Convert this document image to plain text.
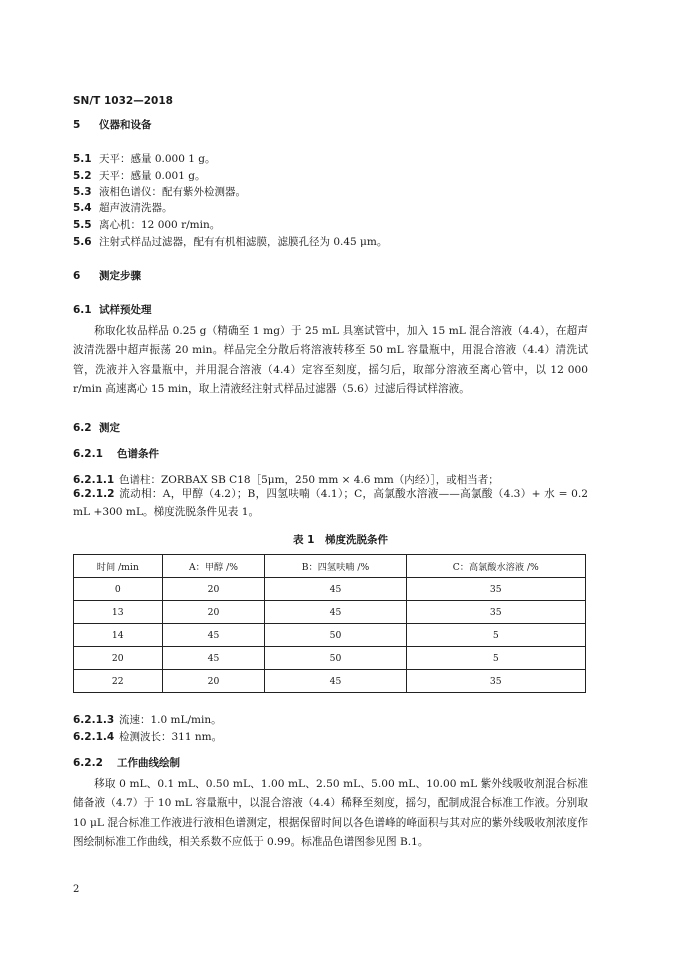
SN/T 1032—2018
5 仪器和设备
5.1 天平：感量 0.000 1 g。
5.2 天平：感量 0.001 g。
5.3 液相色谱仪：配有紫外检测器。
5.4 超声波清洗器。
5.5 离心机：12 000 r/min。
5.6 注射式样品过滤器，配有有机相滤膜，滤膜孔径为 0.45 μm。
6 测定步骤
6.1 试样预处理
称取化妆品样品 0.25 g（精确至 1 mg）于 25 mL 具塞试管中，加入 15 mL 混合溶液（4.4），在超声波清洗器中超声振荡 20 min。样品完全分散后将溶液转移至 50 mL 容量瓶中，用混合溶液（4.4）清洗试管，洗液并入容量瓶中，并用混合溶液（4.4）定容至刻度，摇匀后，取部分溶液至离心管中，以 12 000 r/min 高速离心 15 min，取上清液经注射式样品过滤器（5.6）过滤后得试样溶液。
6.2 测定
6.2.1 色谱条件
6.2.1.1 色谱柱：ZORBAX SB C18［5μm，250 mm × 4.6 mm（内经）］，或相当者；
6.2.1.2 流动相：A，甲醇（4.2）；B，四氢呋喃（4.1）；C，高氯酸水溶液——高氯酸（4.3）+ 水 = 0.2 mL +300 mL。梯度洗脱条件见表 1。
表 1　梯度洗脱条件
时间 /min	A：甲醇 /%	B：四氢呋喃 /%	C：高氯酸水溶液 /%
0	20	45	35
13	20	45	35
14	45	50	5
20	45	50	5
22	20	45	35
6.2.1.3 流速：1.0 mL/min。
6.2.1.4 检测波长：311 nm。
6.2.2 工作曲线绘制
移取 0 mL、0.1 mL、0.50 mL、1.00 mL、2.50 mL、5.00 mL、10.00 mL 紫外线吸收剂混合标准储备液（4.7）于 10 mL 容量瓶中，以混合溶液（4.4）稀释至刻度，摇匀，配制成混合标准工作液。分别取 10 μL 混合标准工作液进行液相色谱测定，根据保留时间以各色谱峰的峰面积与其对应的紫外线吸收剂浓度作图绘制标准工作曲线，相关系数不应低于 0.99。标准品色谱图参见图 B.1。
2
